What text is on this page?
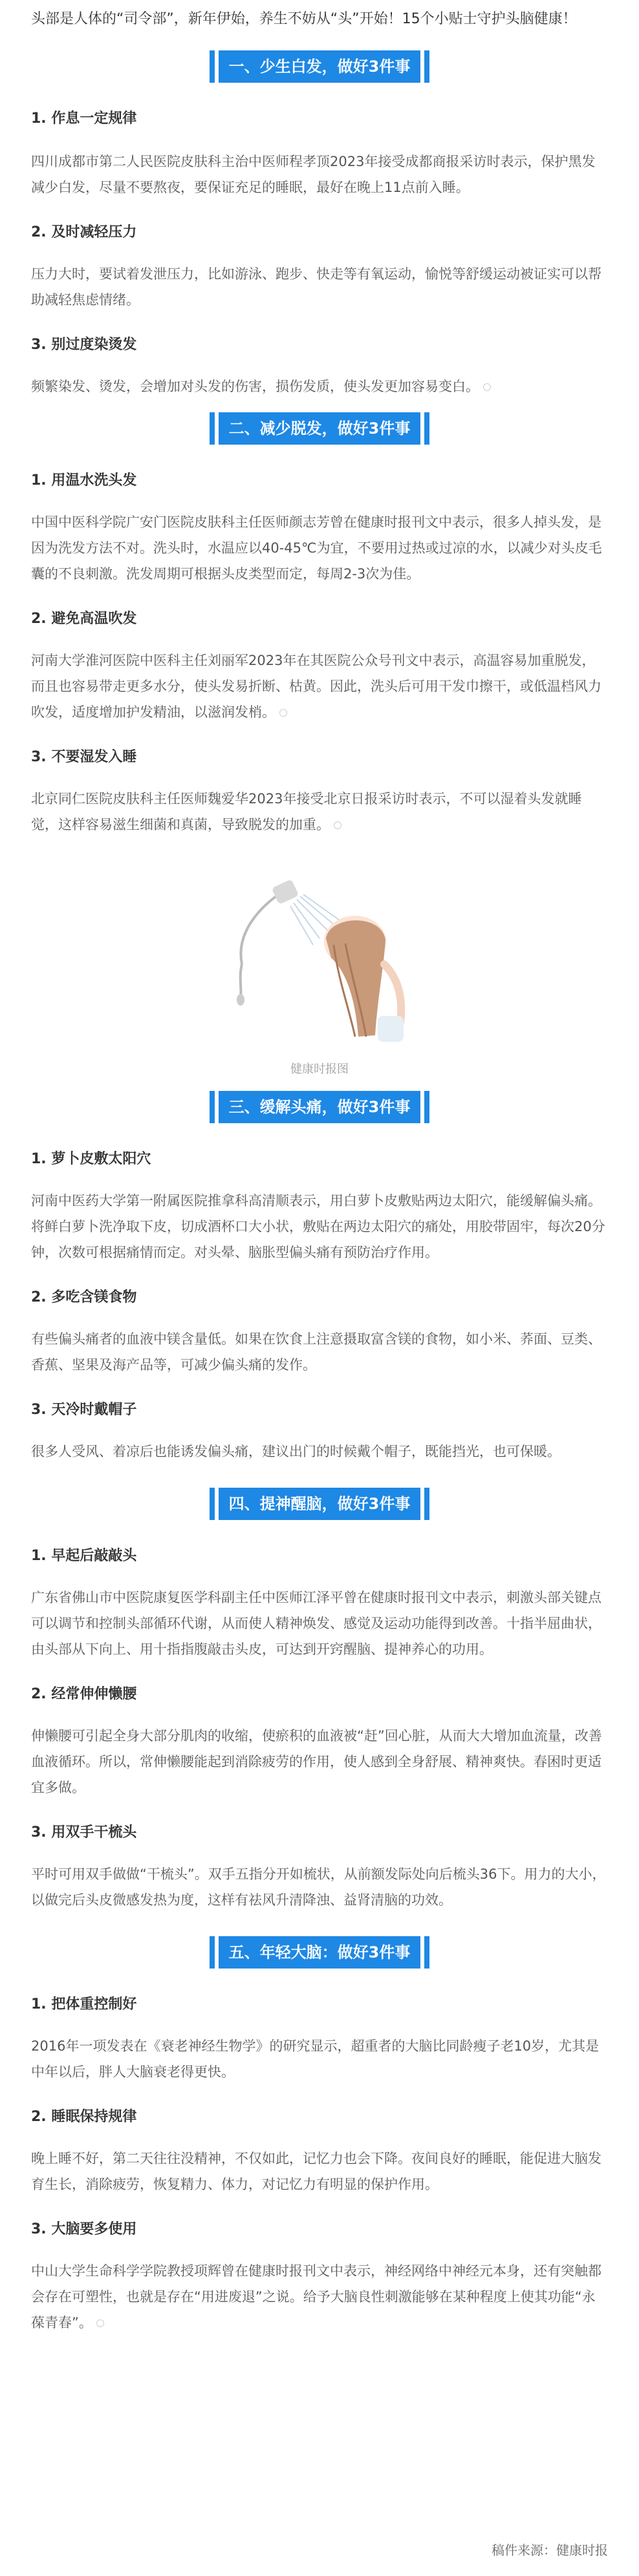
头部是人体的“司令部”，新年伊始，养生不妨从“头”开始！15个小贴士守护头脑健康！

一、少生白发，做好3件事

1. 作息一定规律

四川成都市第二人民医院皮肤科主治中医师程孝顶2023年接受成都商报采访时表示，保护黑发减少白发，尽量不要熬夜，要保证充足的睡眠，最好在晚上11点前入睡。

2. 及时减轻压力

压力大时，要试着发泄压力，比如游泳、跑步、快走等有氧运动，愉悦等舒缓运动被证实可以帮助减轻焦虑情绪。

3. 别过度染烫发

频繁染发、烫发，会增加对头发的伤害，损伤发质，使头发更加容易变白。

二、减少脱发，做好3件事

1. 用温水洗头发

中国中医科学院广安门医院皮肤科主任医师颜志芳曾在健康时报刊文中表示，很多人掉头发，是因为洗发方法不对。洗头时，水温应以40-45℃为宜，不要用过热或过凉的水，以减少对头皮毛囊的不良刺激。洗发周期可根据头皮类型而定，每周2-3次为佳。

2. 避免高温吹发

河南大学淮河医院中医科主任刘丽军2023年在其医院公众号刊文中表示，高温容易加重脱发，而且也容易带走更多水分，使头发易折断、枯黄。因此，洗头后可用干发巾擦干，或低温档风力吹发，适度增加护发精油，以滋润发梢。

3. 不要湿发入睡

北京同仁医院皮肤科主任医师魏爱华2023年接受北京日报采访时表示，不可以湿着头发就睡觉，这样容易滋生细菌和真菌，导致脱发的加重。

健康时报图
三、缓解头痛，做好3件事

1. 萝卜皮敷太阳穴

河南中医药大学第一附属医院推拿科高清顺表示，用白萝卜皮敷贴两边太阳穴，能缓解偏头痛。将鲜白萝卜洗净取下皮，切成酒杯口大小状，敷贴在两边太阳穴的痛处，用胶带固牢，每次20分钟，次数可根据痛情而定。对头晕、脑胀型偏头痛有预防治疗作用。

2. 多吃含镁食物

有些偏头痛者的血液中镁含量低。如果在饮食上注意摄取富含镁的食物，如小米、荞面、豆类、香蕉、坚果及海产品等，可减少偏头痛的发作。

3. 天冷时戴帽子

很多人受风、着凉后也能诱发偏头痛，建议出门的时候戴个帽子，既能挡光，也可保暖。

四、提神醒脑，做好3件事

1. 早起后敲敲头

广东省佛山市中医院康复医学科副主任中医师江泽平曾在健康时报刊文中表示，刺激头部关键点可以调节和控制头部循环代谢，从而使人精神焕发、感觉及运动功能得到改善。十指半屈曲状，由头部从下向上、用十指指腹敲击头皮，可达到开窍醒脑、提神养心的功用。

2. 经常伸伸懒腰

伸懒腰可引起全身大部分肌肉的收缩，使瘀积的血液被“赶”回心脏，从而大大增加血流量，改善血液循环。所以，常伸懒腰能起到消除疲劳的作用，使人感到全身舒展、精神爽快。春困时更适宜多做。

3. 用双手干梳头

平时可用双手做做“干梳头”。双手五指分开如梳状，从前额发际处向后梳头36下。用力的大小，以做完后头皮微感发热为度，这样有祛风升清降浊、益肾清脑的功效。

五、年轻大脑：做好3件事

1. 把体重控制好

2016年一项发表在《衰老神经生物学》的研究显示，超重者的大脑比同龄瘦子老10岁，尤其是中年以后，胖人大脑衰老得更快。

2. 睡眠保持规律

晚上睡不好，第二天往往没精神，不仅如此，记忆力也会下降。夜间良好的睡眠，能促进大脑发育生长，消除疲劳，恢复精力、体力，对记忆力有明显的保护作用。

3. 大脑要多使用

中山大学生命科学学院教授项辉曾在健康时报刊文中表示，神经网络中神经元本身，还有突触都会存在可塑性，也就是存在“用进废退”之说。给予大脑良性刺激能够在某种程度上使其功能“永葆青春”。

稿件来源：健康时报
